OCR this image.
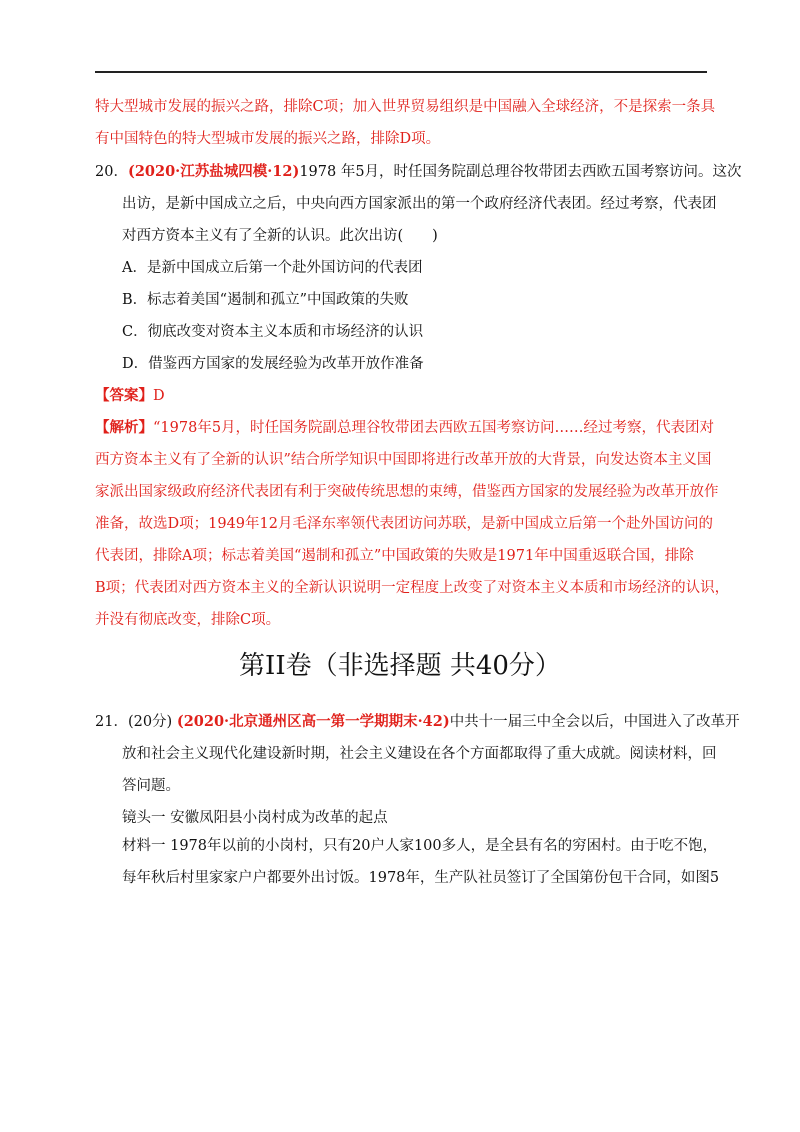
特大型城市发展的振兴之路，排除C项；加入世界贸易组织是中国融入全球经济，不是探索一条具
有中国特色的特大型城市发展的振兴之路，排除D项。
20．(2020·江苏盐城四模·12)1978 年5月，时任国务院副总理谷牧带团去西欧五国考察访问。这次
出访，是新中国成立之后，中央向西方国家派出的第一个政府经济代表团。经过考察，代表团
对西方资本主义有了全新的认识。此次出访(　　)
A．是新中国成立后第一个赴外国访问的代表团
B．标志着美国“遏制和孤立”中国政策的失败
C．彻底改变对资本主义本质和市场经济的认识
D．借鉴西方国家的发展经验为改革开放作准备
【答案】D
【解析】“1978年5月，时任国务院副总理谷牧带团去西欧五国考察访问……经过考察，代表团对
西方资本主义有了全新的认识”结合所学知识中国即将进行改革开放的大背景，向发达资本主义国
家派出国家级政府经济代表团有利于突破传统思想的束缚，借鉴西方国家的发展经验为改革开放作
准备，故选D项；1949年12月毛泽东率领代表团访问苏联，是新中国成立后第一个赴外国访问的
代表团，排除A项；标志着美国“遏制和孤立”中国政策的失败是1971年中国重返联合国，排除
B项；代表团对西方资本主义的全新认识说明一定程度上改变了对资本主义本质和市场经济的认识，
并没有彻底改变，排除C项。
第II卷（非选择题 共40分）
21．(20分) (2020·北京通州区高一第一学期期末·42)中共十一届三中全会以后，中国进入了改革开
放和社会主义现代化建设新时期，社会主义建设在各个方面都取得了重大成就。阅读材料，回
答问题。
镜头一 安徽凤阳县小岗村成为改革的起点
材料一 1978年以前的小岗村，只有20户人家100多人，是全县有名的穷困村。由于吃不饱，
每年秋后村里家家户户都要外出讨饭。1978年，生产队社员签订了全国第份包干合同，如图5
